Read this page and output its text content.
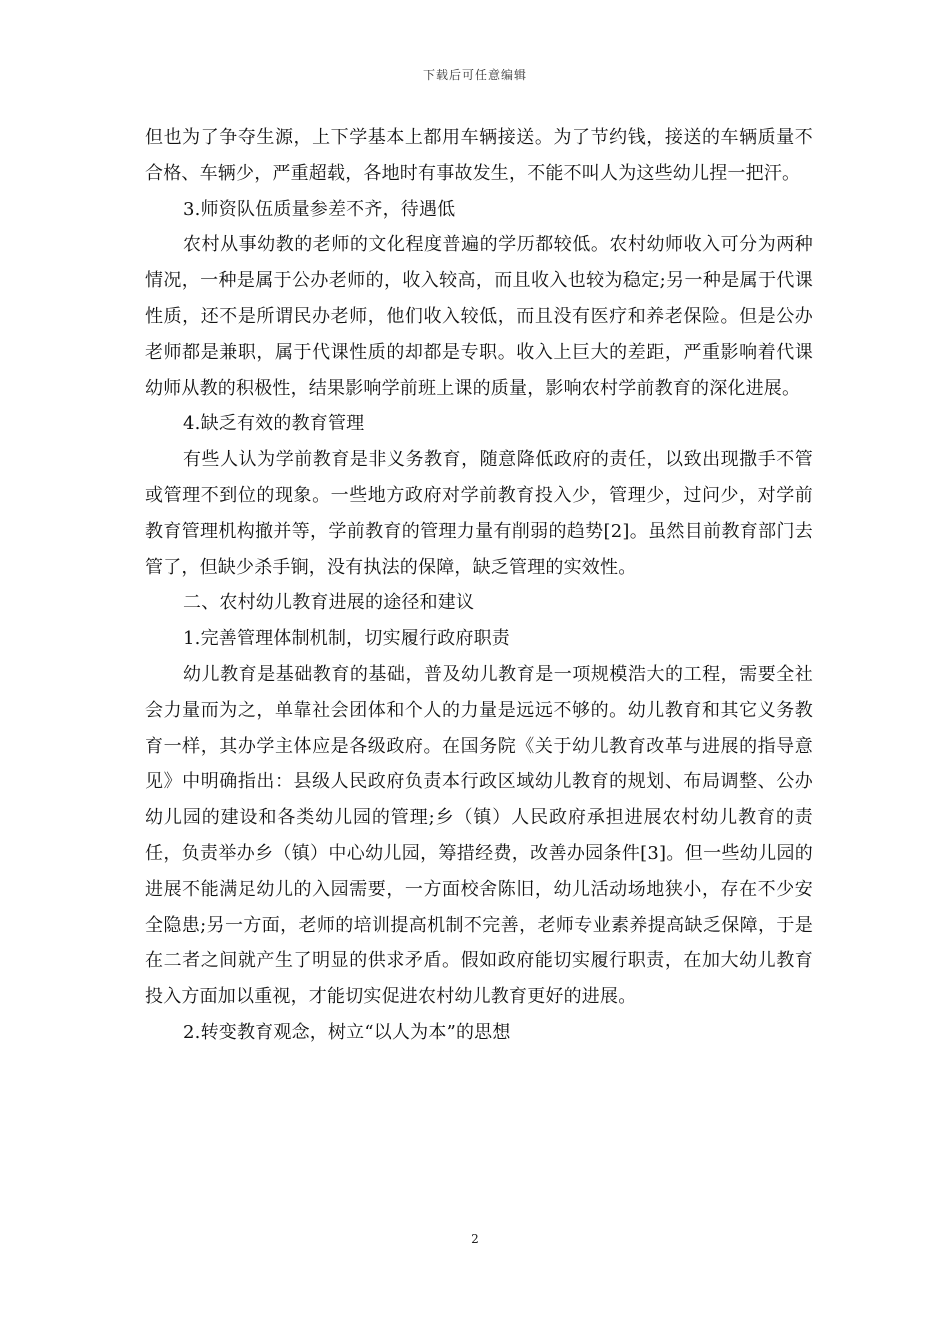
下载后可任意编辑

但也为了争夺生源，上下学基本上都用车辆接送。为了节约钱，接送的车辆质量不合格、车辆少，严重超载，各地时有事故发生，不能不叫人为这些幼儿捏一把汗。

3.师资队伍质量参差不齐，待遇低

农村从事幼教的老师的文化程度普遍的学历都较低。农村幼师收入可分为两种情况，一种是属于公办老师的，收入较高，而且收入也较为稳定;另一种是属于代课性质，还不是所谓民办老师，他们收入较低，而且没有医疗和养老保险。但是公办老师都是兼职，属于代课性质的却都是专职。收入上巨大的差距，严重影响着代课幼师从教的积极性，结果影响学前班上课的质量，影响农村学前教育的深化进展。

4.缺乏有效的教育管理

有些人认为学前教育是非义务教育，随意降低政府的责任，以致出现撒手不管或管理不到位的现象。一些地方政府对学前教育投入少，管理少，过问少，对学前教育管理机构撤并等，学前教育的管理力量有削弱的趋势[2]。虽然目前教育部门去管了，但缺少杀手锏，没有执法的保障，缺乏管理的实效性。

二、农村幼儿教育进展的途径和建议

1.完善管理体制机制，切实履行政府职责

幼儿教育是基础教育的基础，普及幼儿教育是一项规模浩大的工程，需要全社会力量而为之，单靠社会团体和个人的力量是远远不够的。幼儿教育和其它义务教育一样，其办学主体应是各级政府。在国务院《关于幼儿教育改革与进展的指导意见》中明确指出：县级人民政府负责本行政区域幼儿教育的规划、布局调整、公办幼儿园的建设和各类幼儿园的管理;乡（镇）人民政府承担进展农村幼儿教育的责任，负责举办乡（镇）中心幼儿园，筹措经费，改善办园条件[3]。但一些幼儿园的进展不能满足幼儿的入园需要，一方面校舍陈旧，幼儿活动场地狭小，存在不少安全隐患;另一方面，老师的培训提高机制不完善，老师专业素养提高缺乏保障，于是在二者之间就产生了明显的供求矛盾。假如政府能切实履行职责，在加大幼儿教育投入方面加以重视，才能切实促进农村幼儿教育更好的进展。

2.转变教育观念，树立“以人为本”的思想

2
